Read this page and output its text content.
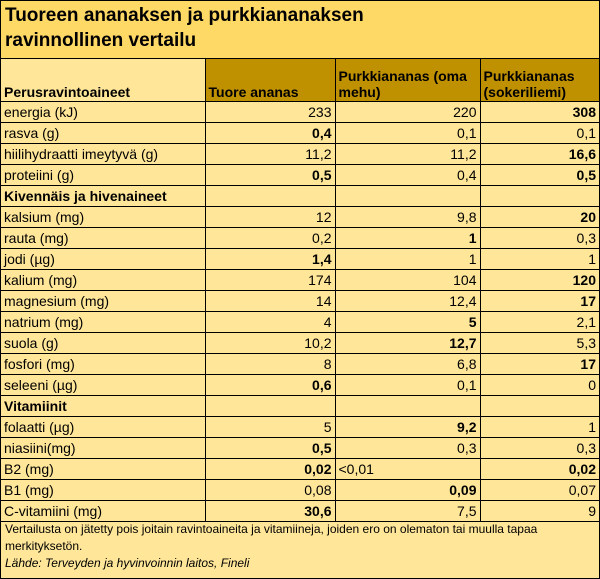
Tuoreen ananaksen ja purkkiananaksen
ravinnollinen vertailu
Perusravintoaineet	Tuore ananas	Purkkiananas (oma mehu)	Purkkiananas (sokeriliemi)
energia (kJ)	233	220	308
rasva (g)	0,4	0,1	0,1
hiilihydraatti imeytyvä (g)	11,2	11,2	16,6
proteiini (g)	0,5	0,4	0,5
Kivennäis ja hivenaineet			
kalsium (mg)	12	9,8	20
rauta (mg)	0,2	1	0,3
jodi (µg)	1,4	1	1
kalium (mg)	174	104	120
magnesium (mg)	14	12,4	17
natrium (mg)	4	5	2,1
suola (g)	10,2	12,7	5,3
fosfori (mg)	8	6,8	17
seleeni (µg)	0,6	0,1	0
Vitamiinit			
folaatti (µg)	5	9,2	1
niasiini(mg)	0,5	0,3	0,3
B2 (mg)	0,02	<0,01	0,02
B1 (mg)	0,08	0,09	0,07
C-vitamiini (mg)	30,6	7,5	9
Vertailusta on jätetty pois joitain ravintoaineita ja vitamiineja, joiden ero on olematon tai muulla tapaa merkityksetön.
Lähde: Terveyden ja hyvinvoinnin laitos, Fineli
